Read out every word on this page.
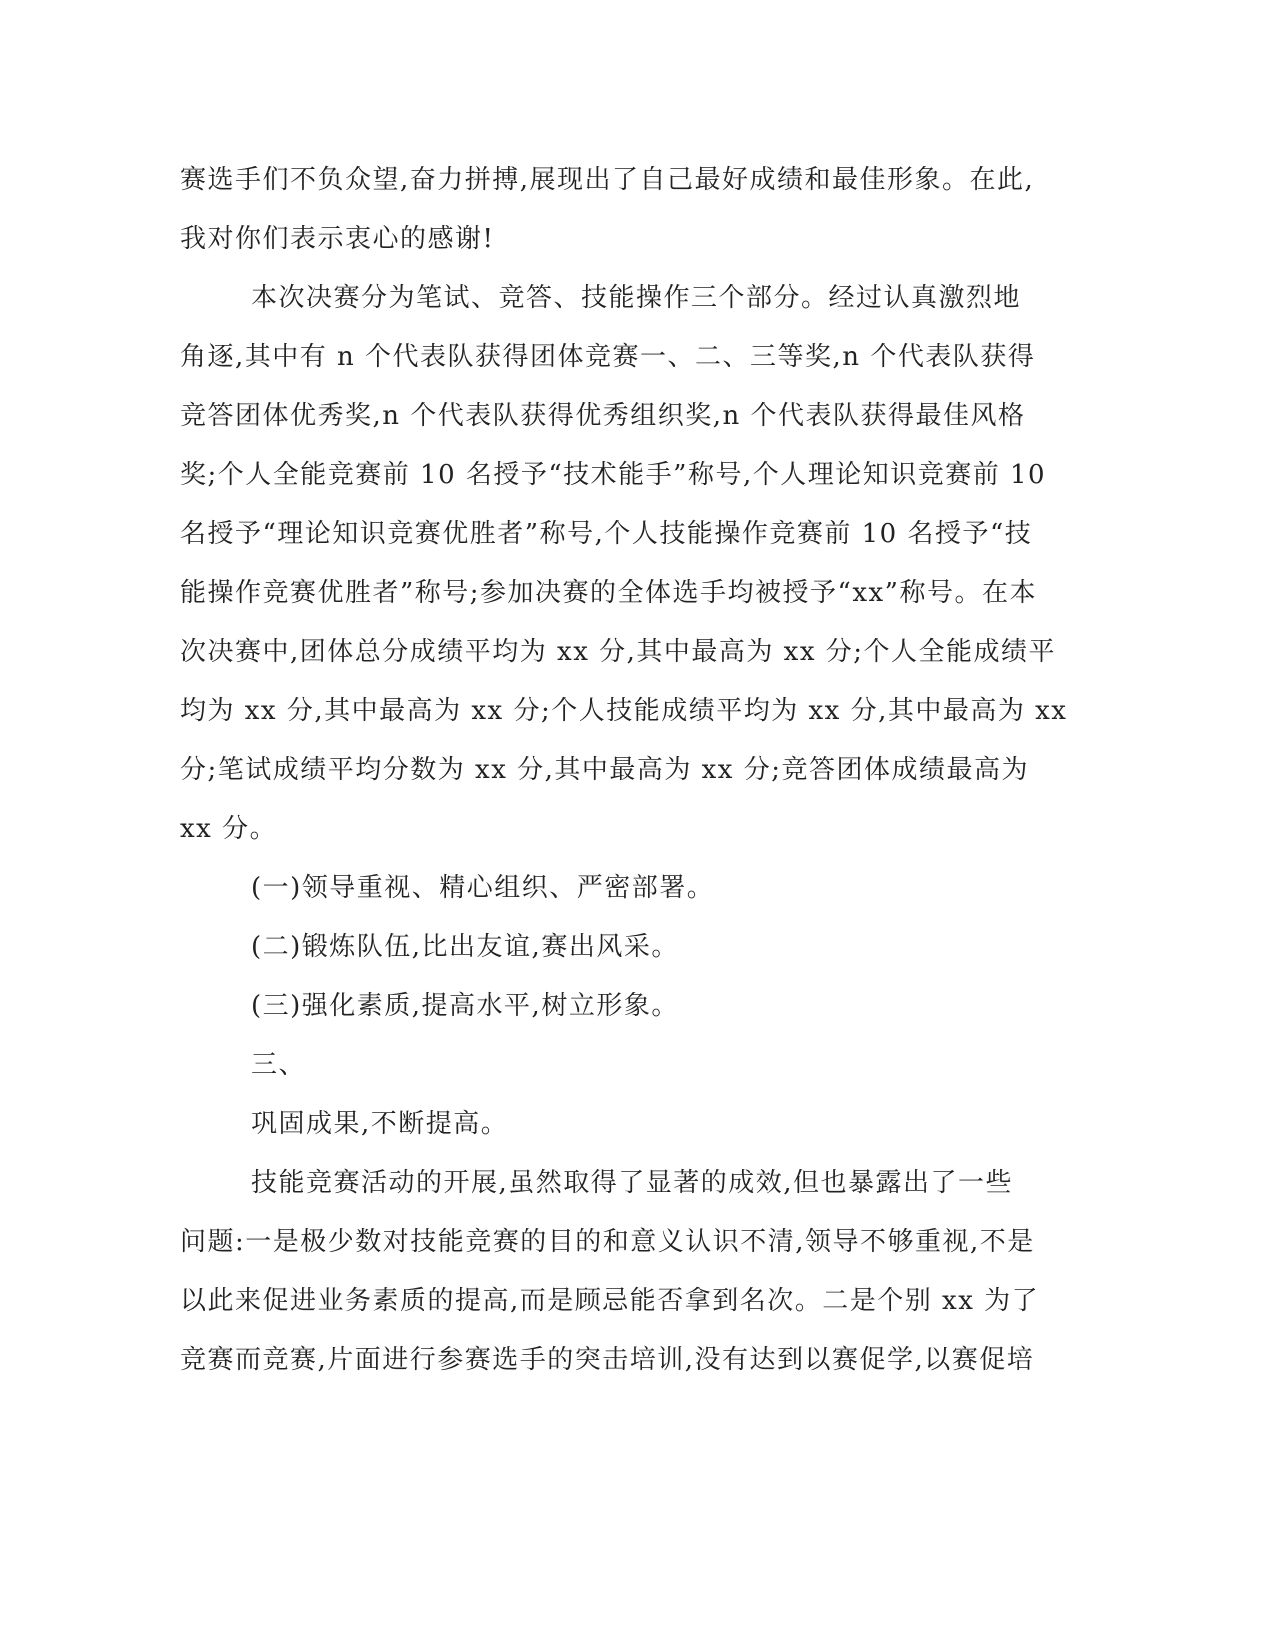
赛选手们不负众望,奋力拼搏,展现出了自己最好成绩和最佳形象。在此,

我对你们表示衷心的感谢!

本次决赛分为笔试、竞答、技能操作三个部分。经过认真激烈地

角逐,其中有 n 个代表队获得团体竞赛一、二、三等奖,n 个代表队获得

竞答团体优秀奖,n 个代表队获得优秀组织奖,n 个代表队获得最佳风格

奖;个人全能竞赛前 10 名授予“技术能手”称号,个人理论知识竞赛前 10

名授予“理论知识竞赛优胜者”称号,个人技能操作竞赛前 10 名授予“技

能操作竞赛优胜者”称号;参加决赛的全体选手均被授予“xx”称号。在本

次决赛中,团体总分成绩平均为 xx 分,其中最高为 xx 分;个人全能成绩平

均为 xx 分,其中最高为 xx 分;个人技能成绩平均为 xx 分,其中最高为 xx

分;笔试成绩平均分数为 xx 分,其中最高为 xx 分;竞答团体成绩最高为

xx 分。

(一)领导重视、精心组织、严密部署。

(二)锻炼队伍,比出友谊,赛出风采。

(三)强化素质,提高水平,树立形象。

三、

巩固成果,不断提高。

技能竞赛活动的开展,虽然取得了显著的成效,但也暴露出了一些

问题:一是极少数对技能竞赛的目的和意义认识不清,领导不够重视,不是

以此来促进业务素质的提高,而是顾忌能否拿到名次。二是个别 xx 为了

竞赛而竞赛,片面进行参赛选手的突击培训,没有达到以赛促学,以赛促培
